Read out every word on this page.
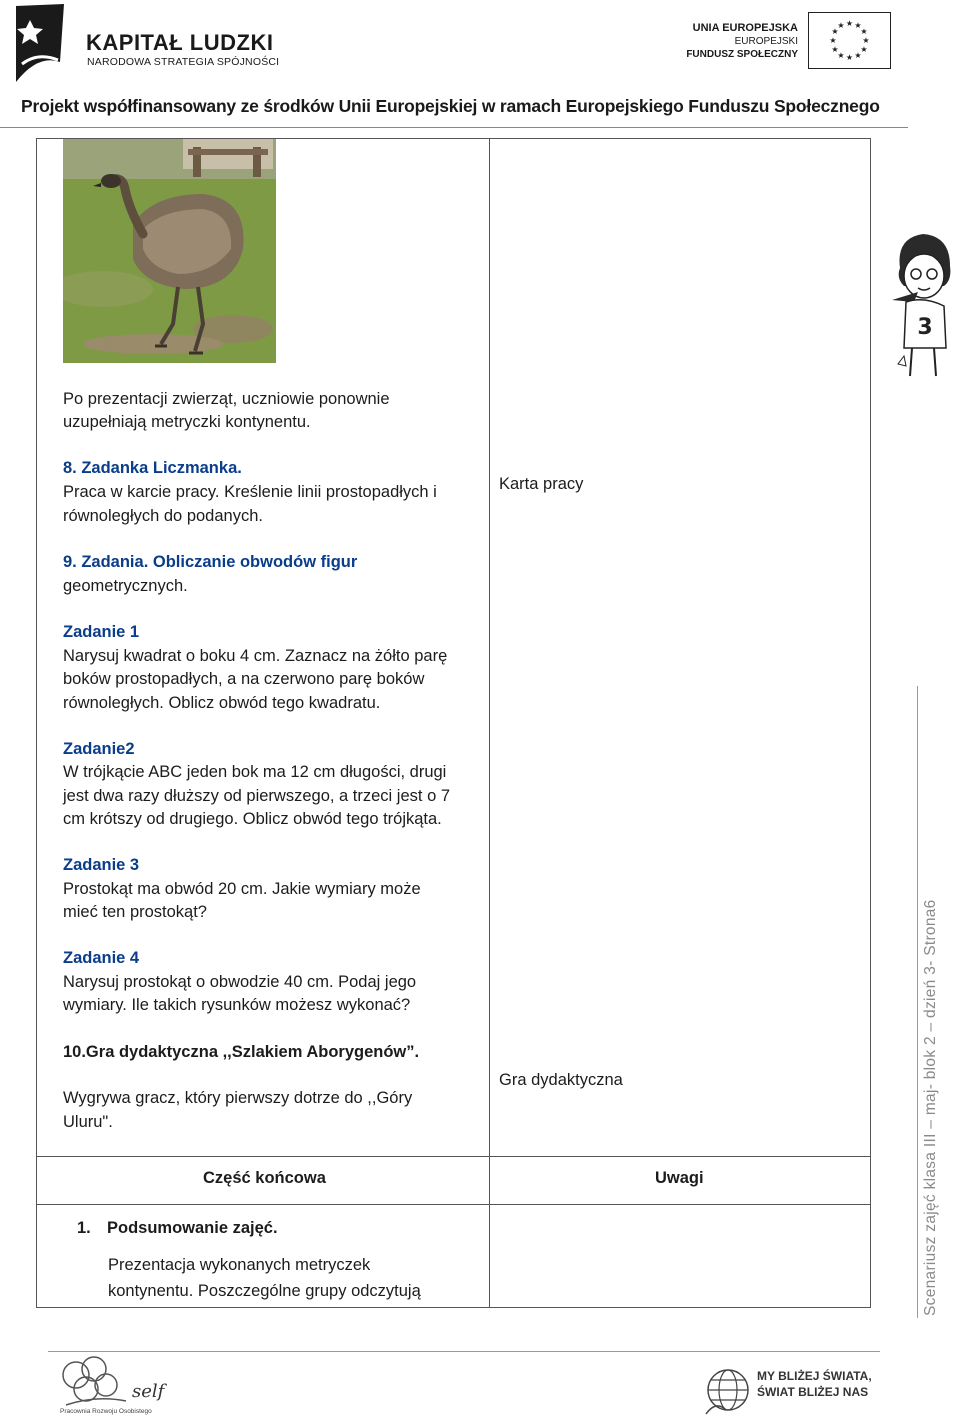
KAPITAŁ LUDZKI
NARODOWA STRATEGIA SPÓJNOŚCI
UNIA EUROPEJSKA
EUROPEJSKI
FUNDUSZ SPOŁECZNY
★ ★
★
★
★
★
★
★
★
★
★
★
Projekt współfinansowany ze środków Unii Europejskiej w ramach Europejskiego Funduszu Społecznego
Po prezentacji zwierząt, uczniowie ponownie
uzupełniają metryczki kontynentu.
8. Zadanka Liczmanka.
Praca w karcie pracy. Kreślenie linii prostopadłych i
równoległych do podanych.
9. Zadania. Obliczanie obwodów figur
geometrycznych.
Zadanie 1
Narysuj kwadrat o boku 4 cm. Zaznacz na żółto parę
boków prostopadłych, a na czerwono parę boków
równoległych. Oblicz obwód tego kwadratu.
Zadanie2
W trójkącie ABC jeden bok ma 12 cm długości, drugi
jest dwa razy dłuższy od pierwszego, a trzeci jest o 7
cm krótszy od drugiego. Oblicz obwód tego trójkąta.
Zadanie 3
Prostokąt ma obwód 20 cm. Jakie wymiary może
mieć ten prostokąt?
Zadanie 4
Narysuj prostokąt o obwodzie 40 cm. Podaj jego
wymiary. Ile takich rysunków możesz wykonać?
10.Gra dydaktyczna ,,Szlakiem Aborygenów”.
Wygrywa gracz, który pierwszy dotrze do ,,Góry
Uluru".
Karta pracy
Gra dydaktyczna
Część końcowa	Uwagi
1. Podsumowanie zajęć.
Prezentacja wykonanych metryczek
kontynentu. Poszczególne grupy odczytują
3
Scenariusz zajęć klasa III – maj- blok 2 – dzień 3- Strona6
self
Pracownia Rozwoju Osobistego
MY BLIŻEJ ŚWIATA,
ŚWIAT BLIŻEJ NAS
